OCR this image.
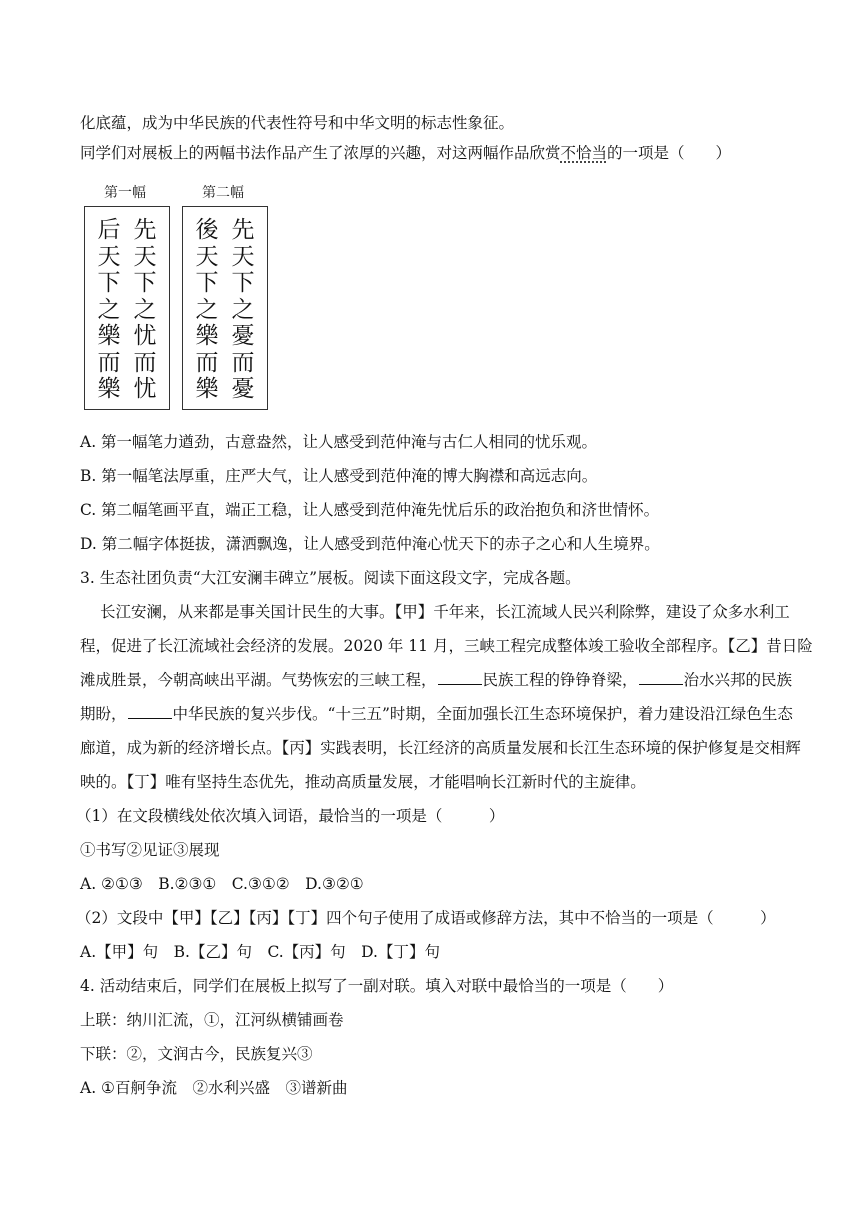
化底蕴，成为中华民族的代表性符号和中华文明的标志性象征。
同学们对展板上的两幅书法作品产生了浓厚的兴趣，对这两幅作品欣赏不恰当的一项是（　　）
第一幅	第二幅
后
天
下
之
樂
而
樂
先
天
下
之
忧
而
忧
後
天
下
之
樂
而
樂
先
天
下
之
憂
而
憂
A. 第一幅笔力遒劲，古意盎然，让人感受到范仲淹与古仁人相同的忧乐观。
B. 第一幅笔法厚重，庄严大气，让人感受到范仲淹的博大胸襟和高远志向。
C. 第二幅笔画平直，端正工稳，让人感受到范仲淹先忧后乐的政治抱负和济世情怀。
D. 第二幅字体挺拔，潇洒飘逸，让人感受到范仲淹心忧天下的赤子之心和人生境界。
3. 生态社团负责“大江安澜丰碑立”展板。阅读下面这段文字，完成各题。
长江安澜，从来都是事关国计民生的大事。【甲】千年来，长江流域人民兴利除弊，建设了众多水利工
程，促进了长江流域社会经济的发展。2020 年 11 月，三峡工程完成整体竣工验收全部程序。【乙】昔日险
滩成胜景，今朝高峡出平湖。气势恢宏的三峡工程，	民族工程的铮铮脊梁，	治水兴邦的民族
期盼，	中华民族的复兴步伐。“十三五”时期，全面加强长江生态环境保护，着力建设沿江绿色生态
廊道，成为新的经济增长点。【丙】实践表明，长江经济的高质量发展和长江生态环境的保护修复是交相辉
映的。【丁】唯有坚持生态优先，推动高质量发展，才能唱响长江新时代的主旋律。
（1）在文段横线处依次填入词语，最恰当的一项是（　　　）
①书写②见证③展现
A. ②①③　B.②③①　C.③①②　D.③②①
（2）文段中【甲】【乙】【丙】【丁】四个句子使用了成语或修辞方法，其中不恰当的一项是（　　　）
A.【甲】句　B.【乙】句　C.【丙】句　D.【丁】句
4. 活动结束后，同学们在展板上拟写了一副对联。填入对联中最恰当的一项是（　　）
上联：纳川汇流，①，江河纵横铺画卷
下联：②，文润古今，民族复兴③
A. ①百舸争流　②水利兴盛　③谱新曲
